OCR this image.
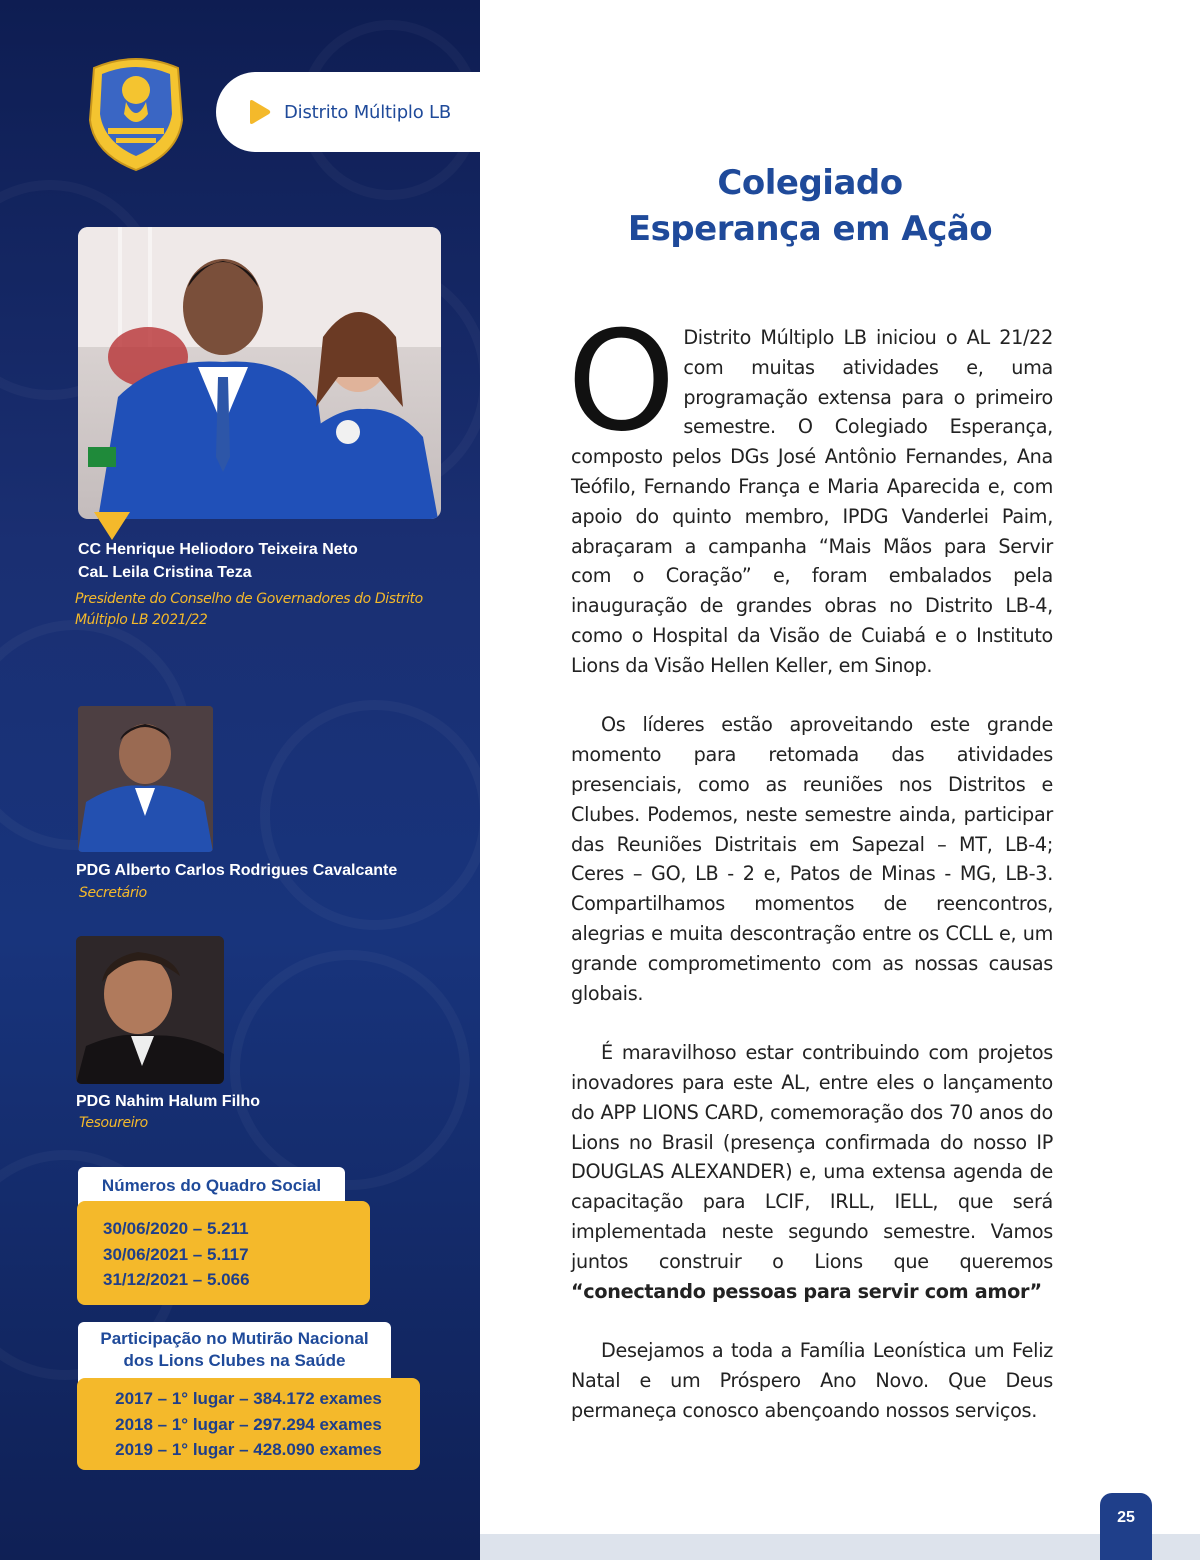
Distrito Múltiplo LB
CC Henrique Heliodoro Teixeira Neto
CaL Leila Cristina Teza
Presidente do Conselho de Governadores do Distrito Múltiplo LB 2021/22
PDG Alberto Carlos Rodrigues Cavalcante
Secretário
PDG Nahim Halum Filho
Tesoureiro
Números do Quadro Social
30/06/2020 – 5.211
30/06/2021 – 5.117
31/12/2021 – 5.066
Participação no Mutirão Nacional
dos Lions Clubes na Saúde
2017 – 1° lugar – 384.172 exames
2018 – 1° lugar – 297.294 exames
2019 – 1° lugar – 428.090 exames
Colegiado
Esperança em Ação

O Distrito Múltiplo LB iniciou o AL 21/22 com muitas atividades e, uma programação extensa para o primeiro semestre. O Colegiado Esperança, composto pelos DGs José Antônio Fernandes, Ana Teófilo, Fernando França e Maria Aparecida e, com apoio do quinto membro, IPDG Vanderlei Paim, abraçaram a campanha “Mais Mãos para Servir com o Coração” e, foram embalados pela inauguração de grandes obras no Distrito LB-4, como o Hospital da Visão de Cuiabá e o Instituto Lions da Visão Hellen Keller, em Sinop.

Os líderes estão aproveitando este grande momento para retomada das atividades presenciais, como as reuniões nos Distritos e Clubes. Podemos, neste semestre ainda, participar das Reuniões Distritais em Sapezal – MT, LB-4; Ceres – GO, LB - 2 e, Patos de Minas - MG, LB-3. Compartilhamos momentos de reencontros, alegrias e muita descontração entre os CCLL e, um grande comprometimento com as nossas causas globais.

É maravilhoso estar contribuindo com projetos inovadores para este AL, entre eles o lançamento do APP LIONS CARD, comemoração dos 70 anos do Lions no Brasil (presença confirmada do nosso IP DOUGLAS ALEXANDER) e, uma extensa agenda de capacitação para LCIF, IRLL, IELL, que será implementada neste segundo semestre. Vamos juntos construir o Lions que queremos “conectando pessoas para servir com amor”

Desejamos a toda a Família Leonística um Feliz Natal e um Próspero Ano Novo. Que Deus permaneça conosco abençoando nossos serviços.

25
